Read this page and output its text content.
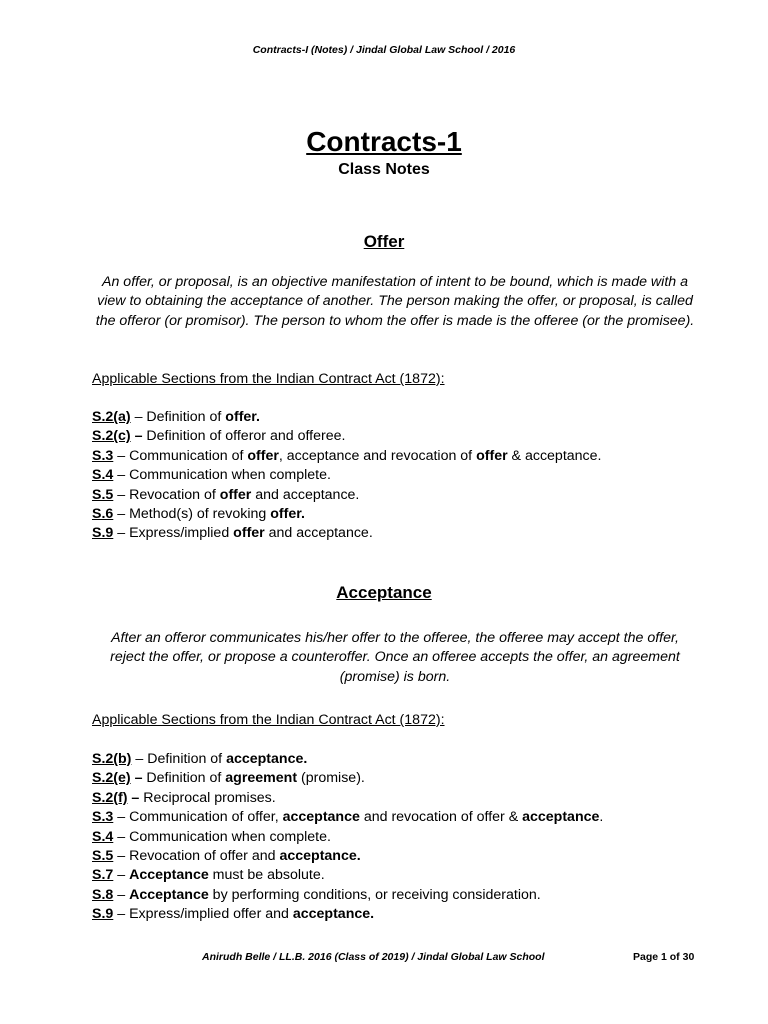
Contracts-I (Notes) / Jindal Global Law School / 2016
Contracts-1
Class Notes
Offer
An offer, or proposal, is an objective manifestation of intent to be bound, which is made with a view to obtaining the acceptance of another. The person making the offer, or proposal, is called the offeror (or promisor). The person to whom the offer is made is the offeree (or the promisee).
Applicable Sections from the Indian Contract Act (1872):
S.2(a) – Definition of offer.
S.2(c) – Definition of offeror and offeree.
S.3 – Communication of offer, acceptance and revocation of offer & acceptance.
S.4 – Communication when complete.
S.5 – Revocation of offer and acceptance.
S.6 – Method(s) of revoking offer.
S.9 – Express/implied offer and acceptance.
Acceptance
After an offeror communicates his/her offer to the offeree, the offeree may accept the offer, reject the offer, or propose a counteroffer. Once an offeree accepts the offer, an agreement (promise) is born.
Applicable Sections from the Indian Contract Act (1872):
S.2(b) – Definition of acceptance.
S.2(e) – Definition of agreement (promise).
S.2(f) – Reciprocal promises.
S.3 – Communication of offer, acceptance and revocation of offer & acceptance.
S.4 – Communication when complete.
S.5 – Revocation of offer and acceptance.
S.7 – Acceptance must be absolute.
S.8 – Acceptance by performing conditions, or receiving consideration.
S.9 – Express/implied offer and acceptance.
Anirudh Belle / LL.B. 2016 (Class of 2019) / Jindal Global Law School	Page 1 of 30
